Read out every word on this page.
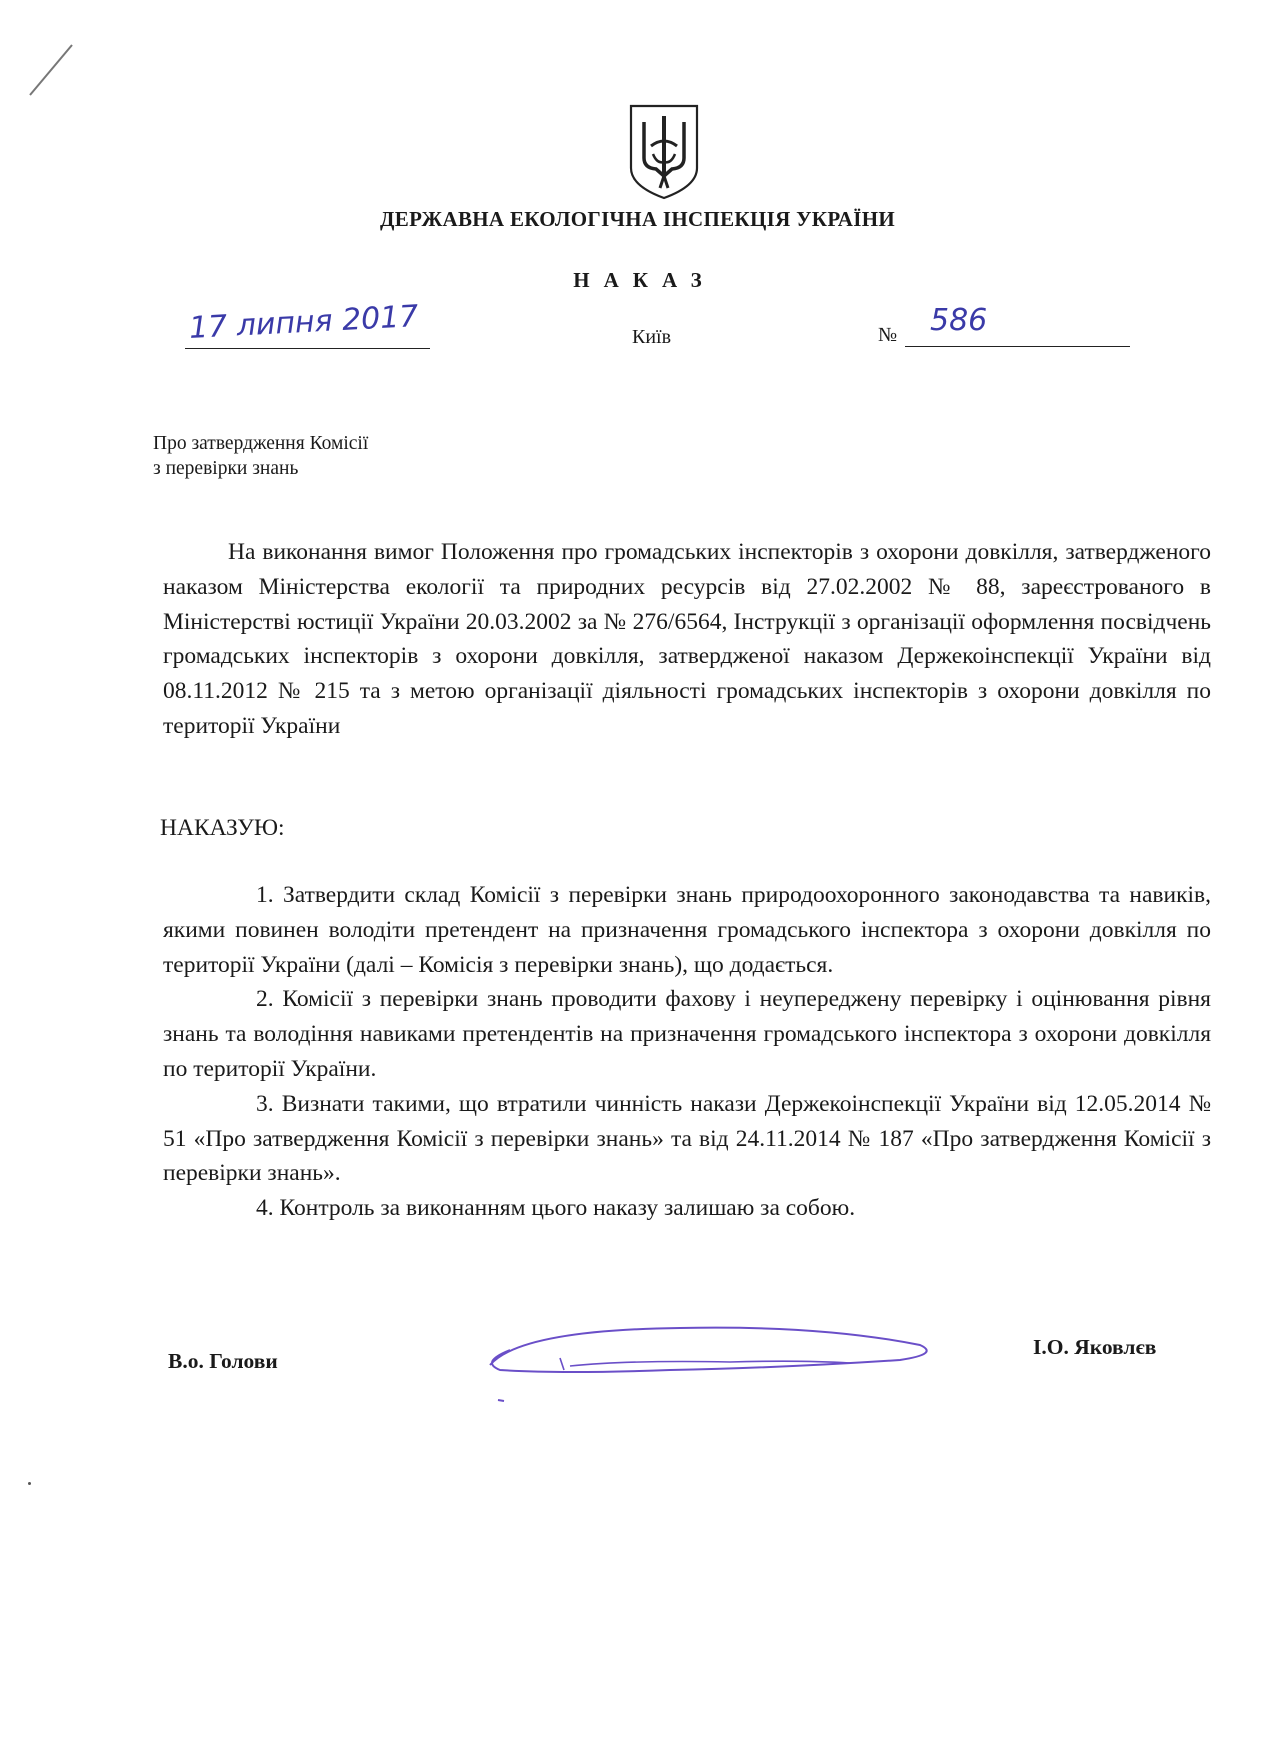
ДЕРЖАВНА ЕКОЛОГІЧНА ІНСПЕКЦІЯ УКРАЇНИ
НАКАЗ
17 липня 2017	Київ	№ 586
Про затвердження Комісії
з перевірки знань

На виконання вимог Положення про громадських інспекторів з охорони довкілля, затвердженого наказом Міністерства екології та природних ресурсів від 27.02.2002 № 88, зареєстрованого в Міністерстві юстиції України 20.03.2002 за № 276/6564, Інструкції з організації оформлення посвідчень громадських інспекторів з охорони довкілля, затвердженої наказом Держекоінспекції України від 08.11.2012 № 215 та з метою організації діяльності громадських інспекторів з охорони довкілля по території України

НАКАЗУЮ:

1. Затвердити склад Комісії з перевірки знань природоохоронного законодавства та навиків, якими повинен володіти претендент на призначення громадського інспектора з охорони довкілля по території України (далі – Комісія з перевірки знань), що додається.

2. Комісії з перевірки знань проводити фахову і неупереджену перевірку і оцінювання рівня знань та володіння навиками претендентів на призначення громадського інспектора з охорони довкілля по території України.

3. Визнати такими, що втратили чинність накази Держекоінспекції України від 12.05.2014 № 51 «Про затвердження Комісії з перевірки знань» та від 24.11.2014 № 187 «Про затвердження Комісії з перевірки знань».

4. Контроль за виконанням цього наказу залишаю за собою.

В.о. Голови
І.О. Яковлєв
